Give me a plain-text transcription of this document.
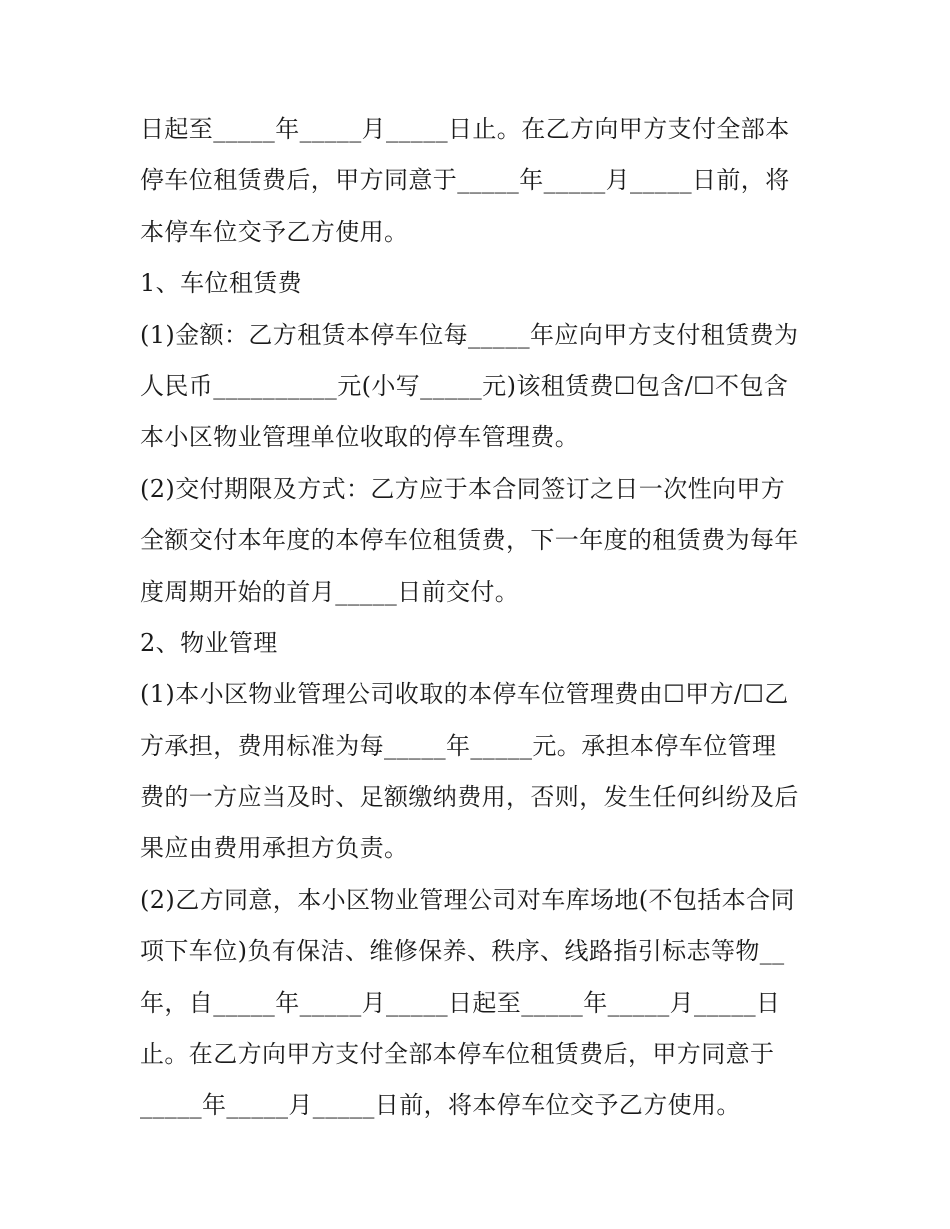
日起至_____年_____月_____日止。在乙方向甲方支付全部本
停车位租赁费后，甲方同意于_____年_____月_____日前，将
本停车位交予乙方使用。
1、车位租赁费
(1)金额：乙方租赁本停车位每_____年应向甲方支付租赁费为
人民币__________元(小写_____元)该租赁费☐包含/☐不包含
本小区物业管理单位收取的停车管理费。
(2)交付期限及方式：乙方应于本合同签订之日一次性向甲方
全额交付本年度的本停车位租赁费，下一年度的租赁费为每年
度周期开始的首月_____日前交付。
2、物业管理
(1)本小区物业管理公司收取的本停车位管理费由☐甲方/☐乙
方承担，费用标准为每_____年_____元。承担本停车位管理
费的一方应当及时、足额缴纳费用，否则，发生任何纠纷及后
果应由费用承担方负责。
(2)乙方同意，本小区物业管理公司对车库场地(不包括本合同
项下车位)负有保洁、维修保养、秩序、线路指引标志等物__
年，自_____年_____月_____日起至_____年_____月_____日
止。在乙方向甲方支付全部本停车位租赁费后，甲方同意于
_____年_____月_____日前，将本停车位交予乙方使用。
